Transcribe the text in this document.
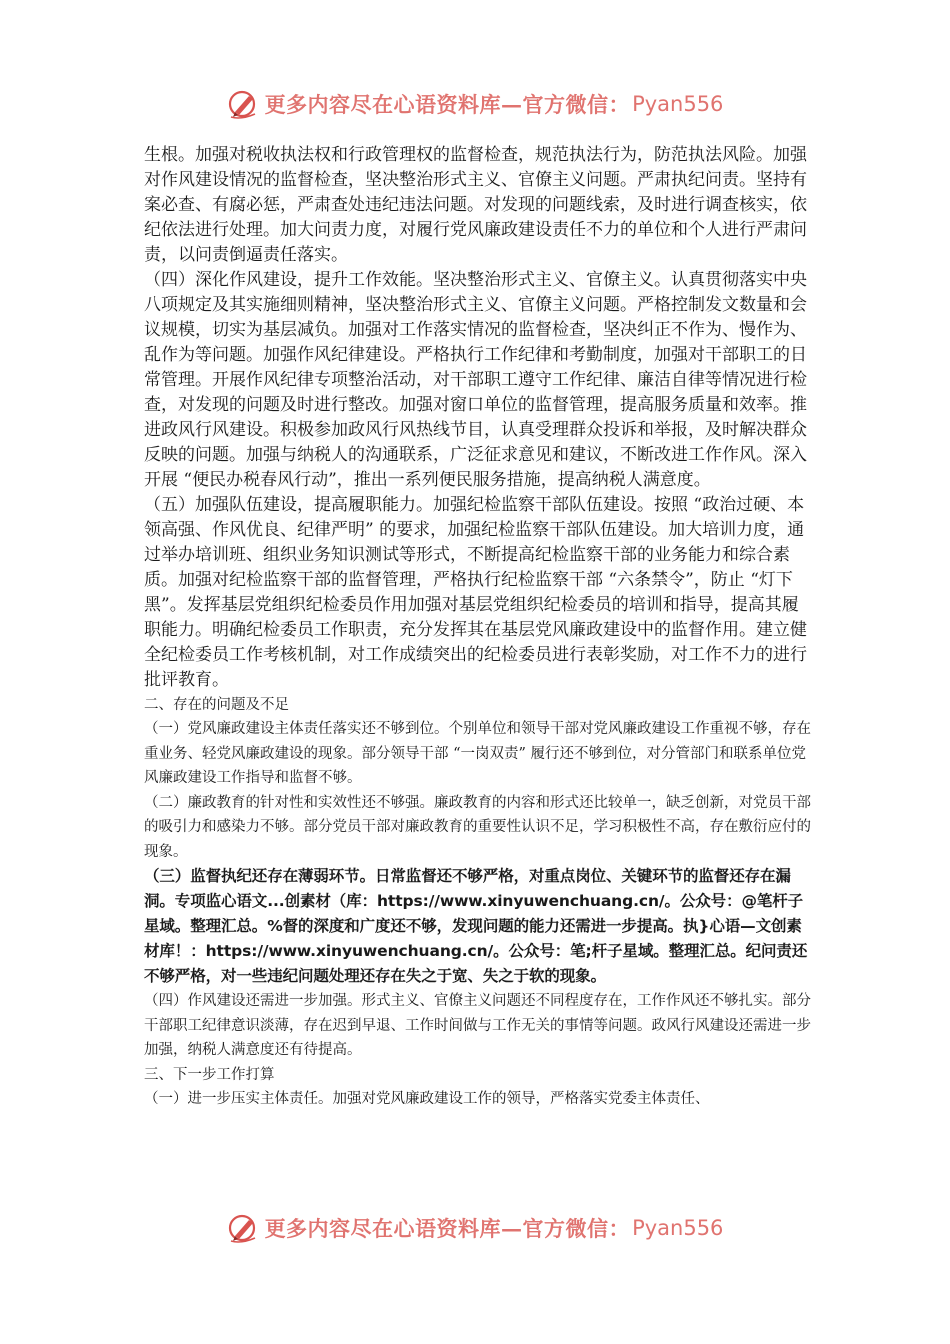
更多内容尽在心语资料库—官方微信： Pyan556

生根。加强对税收执法权和行政管理权的监督检查，规范执法行为，防范执法风险。加强对作风建设情况的监督检查，坚决整治形式主义、官僚主义问题。严肃执纪问责。坚持有案必查、有腐必惩，严肃查处违纪违法问题。对发现的问题线索，及时进行调查核实，依纪依法进行处理。加大问责力度，对履行党风廉政建设责任不力的单位和个人进行严肃问责，以问责倒逼责任落实。

（四）深化作风建设，提升工作效能。坚决整治形式主义、官僚主义。认真贯彻落实中央八项规定及其实施细则精神，坚决整治形式主义、官僚主义问题。严格控制发文数量和会议规模，切实为基层减负。加强对工作落实情况的监督检查，坚决纠正不作为、慢作为、乱作为等问题。加强作风纪律建设。严格执行工作纪律和考勤制度，加强对干部职工的日常管理。开展作风纪律专项整治活动，对干部职工遵守工作纪律、廉洁自律等情况进行检查，对发现的问题及时进行整改。加强对窗口单位的监督管理，提高服务质量和效率。推进政风行风建设。积极参加政风行风热线节目，认真受理群众投诉和举报，及时解决群众反映的问题。加强与纳税人的沟通联系，广泛征求意见和建议，不断改进工作作风。深入开展 “便民办税春风行动”，推出一系列便民服务措施，提高纳税人满意度。

（五）加强队伍建设，提高履职能力。加强纪检监察干部队伍建设。按照 “政治过硬、本领高强、作风优良、纪律严明” 的要求，加强纪检监察干部队伍建设。加大培训力度，通过举办培训班、组织业务知识测试等形式，不断提高纪检监察干部的业务能力和综合素质。加强对纪检监察干部的监督管理，严格执行纪检监察干部 “六条禁令”，防止 “灯下黑”。发挥基层党组织纪检委员作用加强对基层党组织纪检委员的培训和指导，提高其履职能力。明确纪检委员工作职责，充分发挥其在基层党风廉政建设中的监督作用。建立健全纪检委员工作考核机制，对工作成绩突出的纪检委员进行表彰奖励，对工作不力的进行批评教育。

二、存在的问题及不足

（一）党风廉政建设主体责任落实还不够到位。个别单位和领导干部对党风廉政建设工作重视不够，存在重业务、轻党风廉政建设的现象。部分领导干部 “一岗双责” 履行还不够到位，对分管部门和联系单位党风廉政建设工作指导和监督不够。

（二）廉政教育的针对性和实效性还不够强。廉政教育的内容和形式还比较单一，缺乏创新，对党员干部的吸引力和感染力不够。部分党员干部对廉政教育的重要性认识不足，学习积极性不高，存在敷衍应付的现象。

（三）监督执纪还存在薄弱环节。日常监督还不够严格，对重点岗位、关键环节的监督还存在漏洞。专项监心语文...创素材（库：https://www.xinyuwenchuang.cn/。公众号：@笔杆子星域。整理汇总。%督的深度和广度还不够，发现问题的能力还需进一步提高。执}心语—文创素材库！：https://www.xinyuwenchuang.cn/。公众号：笔;杆子星域。整理汇总。纪问责还不够严格，对一些违纪问题处理还存在失之于宽、失之于软的现象。

（四）作风建设还需进一步加强。形式主义、官僚主义问题还不同程度存在，工作作风还不够扎实。部分干部职工纪律意识淡薄，存在迟到早退、工作时间做与工作无关的事情等问题。政风行风建设还需进一步加强，纳税人满意度还有待提高。

三、下一步工作打算

（一）进一步压实主体责任。加强对党风廉政建设工作的领导，严格落实党委主体责任、

更多内容尽在心语资料库—官方微信： Pyan556
